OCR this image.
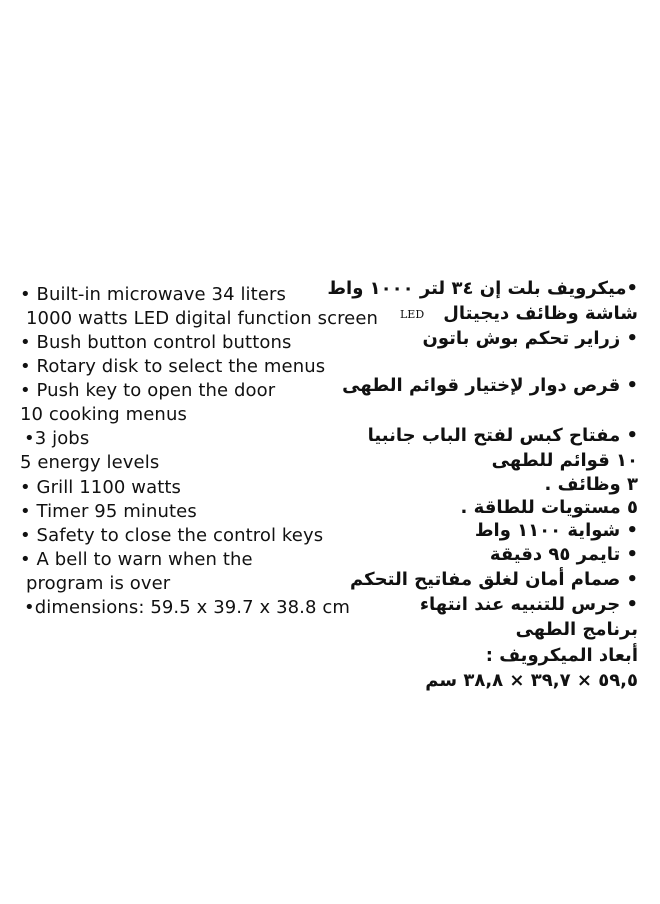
• Built-in microwave 34 liters
1000 watts LED digital function screen
• Bush button control buttons
• Rotary disk to select the menus
• Push key to open the door
10 cooking menus
•3 jobs
5 energy levels
• Grill 1100 watts
• Timer 95 minutes
• Safety to close the control keys
• A bell to warn when the
program is over
•dimensions: 59.5 x 39.7 x 38.8 cm
•ميكرويف بلت إن ٣٤ لتر ١٠٠٠ واط
شاشة وظائف ديجيتال
LED
• زراير تحكم بوش باتون
• قرص دوار لإختيار قوائم الطهى
• مفتاح كبس لفتح الباب جانبيا
١٠ قوائم للطهى
٣ وظائف .
٥ مستويات للطاقة .
• شواية ١١٠٠ واط
• تايمر ٩٥ دقيقة
• صمام أمان لغلق مفاتيح التحكم
• جرس للتنبيه عند انتهاء
برنامج الطهى
أبعاد الميكرويف :
٥٩,٥ × ٣٩,٧ × ٣٨,٨ سم
